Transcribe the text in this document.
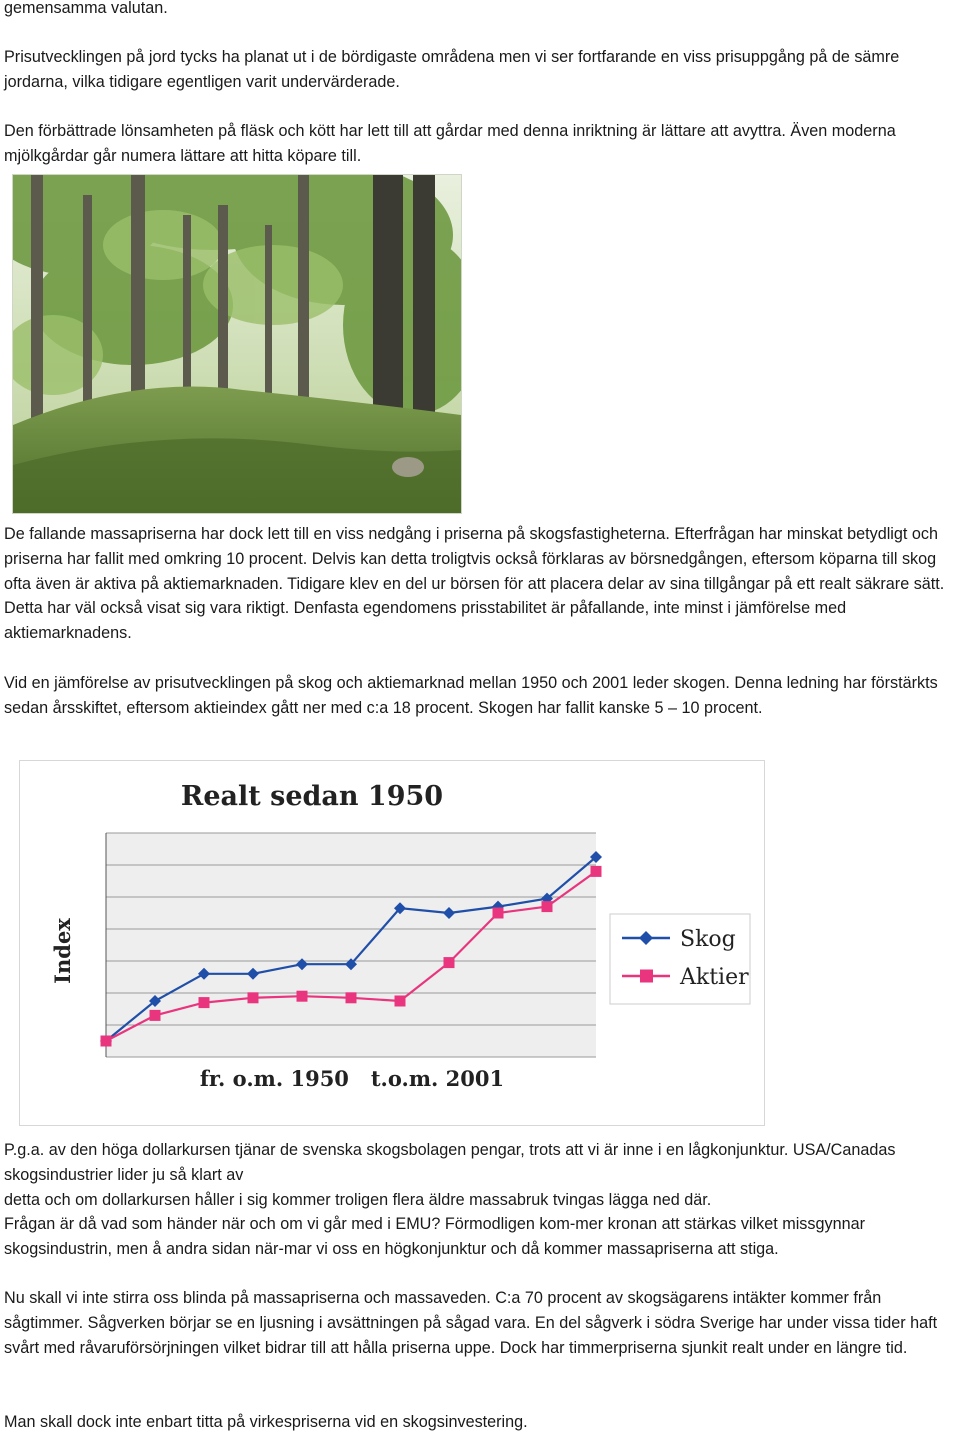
gemensamma valutan.

Prisutvecklingen på jord tycks ha planat ut i de bördigaste områdena men vi ser fortfarande en viss prisuppgång på de sämre jordarna, vilka tidigare egentligen varit undervärderade.

Den förbättrade lönsamheten på fläsk och kött har lett till att gårdar med denna inriktning är lättare att avyttra. Även moderna mjölkgårdar går numera lättare att hitta köpare till.

De fallande massapriserna har dock lett till en viss nedgång i priserna på skogsfastigheterna. Efterfrågan har minskat betydligt och priserna har fallit med omkring 10 procent. Delvis kan detta troligtvis också förklaras av börsnedgången, eftersom köparna till skog ofta även är aktiva på aktiemarknaden. Tidigare klev en del ur börsen för att placera delar av sina tillgångar på ett realt säkrare sätt. Detta har väl också visat sig vara riktigt. Denfasta egendomens prisstabilitet är påfallande, inte minst i jämförelse med aktiemarknadens.

Vid en jämförelse av prisutvecklingen på skog och aktiemarknad mellan 1950 och 2001 leder skogen. Denna ledning har förstärkts sedan årsskiftet, eftersom aktieindex gått ner med c:a 18 procent. Skogen har fallit kanske 5 – 10 procent.

Realt sedan 1950
Index
fr. o.m. 1950   t.o.m. 2001
Skog
Aktier

P.g.a. av den höga dollarkursen tjänar de svenska skogsbolagen pengar, trots att vi är inne i en lågkonjunktur. USA/Canadas skogsindustrier lider ju så klart av

detta och om dollarkursen håller i sig kommer troligen flera äldre massabruk tvingas lägga ned där.

Frågan är då vad som händer när och om vi går med i EMU? Förmodligen kom-mer kronan att stärkas vilket missgynnar skogsindustrin, men å andra sidan när-mar vi oss en högkonjunktur och då kommer massapriserna att stiga.

Nu skall vi inte stirra oss blinda på massapriserna och massaveden. C:a 70 procent av skogsägarens intäkter kommer från sågtimmer. Sågverken börjar se en ljusning i avsättningen på sågad vara. En del sågverk i södra Sverige har under vissa tider haft svårt med råvaruförsörjningen vilket bidrar till att hålla priserna uppe. Dock har timmerpriserna sjunkit realt under en längre tid.

Man skall dock inte enbart titta på virkespriserna vid en skogsinvestering.
